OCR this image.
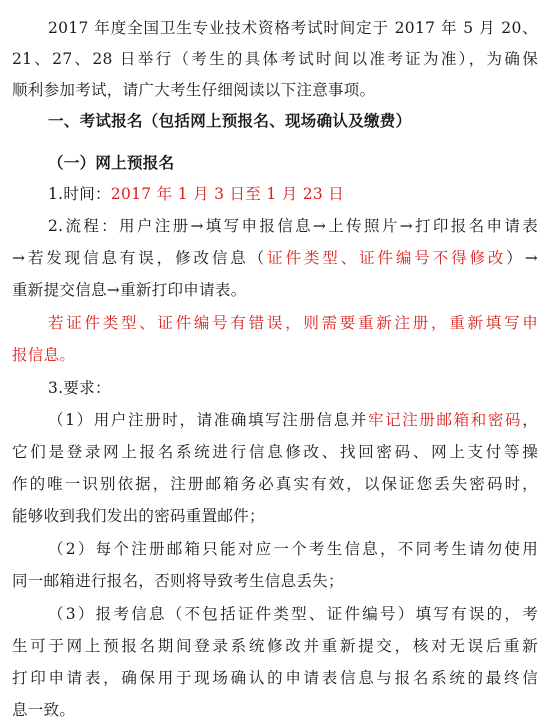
2017 年度全国卫生专业技术资格考试时间定于 2017 年 5 月 20、
21、27、28 日举行（考生的具体考试时间以准考证为准），为确保
顺利参加考试，请广大考生仔细阅读以下注意事项。
一、考试报名（包括网上预报名、现场确认及缴费）
（一）网上预报名
1.时间：2017 年 1 月 3 日至 1 月 23 日
2.流程：用户注册→填写申报信息→上传照片→打印报名申请表
→若发现信息有误，修改信息（证件类型、证件编号不得修改）→
重新提交信息→重新打印申请表。
若证件类型、证件编号有错误，则需要重新注册，重新填写申
报信息。
3.要求：
（1）用户注册时，请准确填写注册信息并牢记注册邮箱和密码，
它们是登录网上报名系统进行信息修改、找回密码、网上支付等操
作的唯一识别依据，注册邮箱务必真实有效，以保证您丢失密码时，
能够收到我们发出的密码重置邮件；
（2）每个注册邮箱只能对应一个考生信息，不同考生请勿使用
同一邮箱进行报名，否则将导致考生信息丢失；
（3）报考信息（不包括证件类型、证件编号）填写有误的，考
生可于网上预报名期间登录系统修改并重新提交，核对无误后重新
打印申请表，确保用于现场确认的申请表信息与报名系统的最终信
息一致。
